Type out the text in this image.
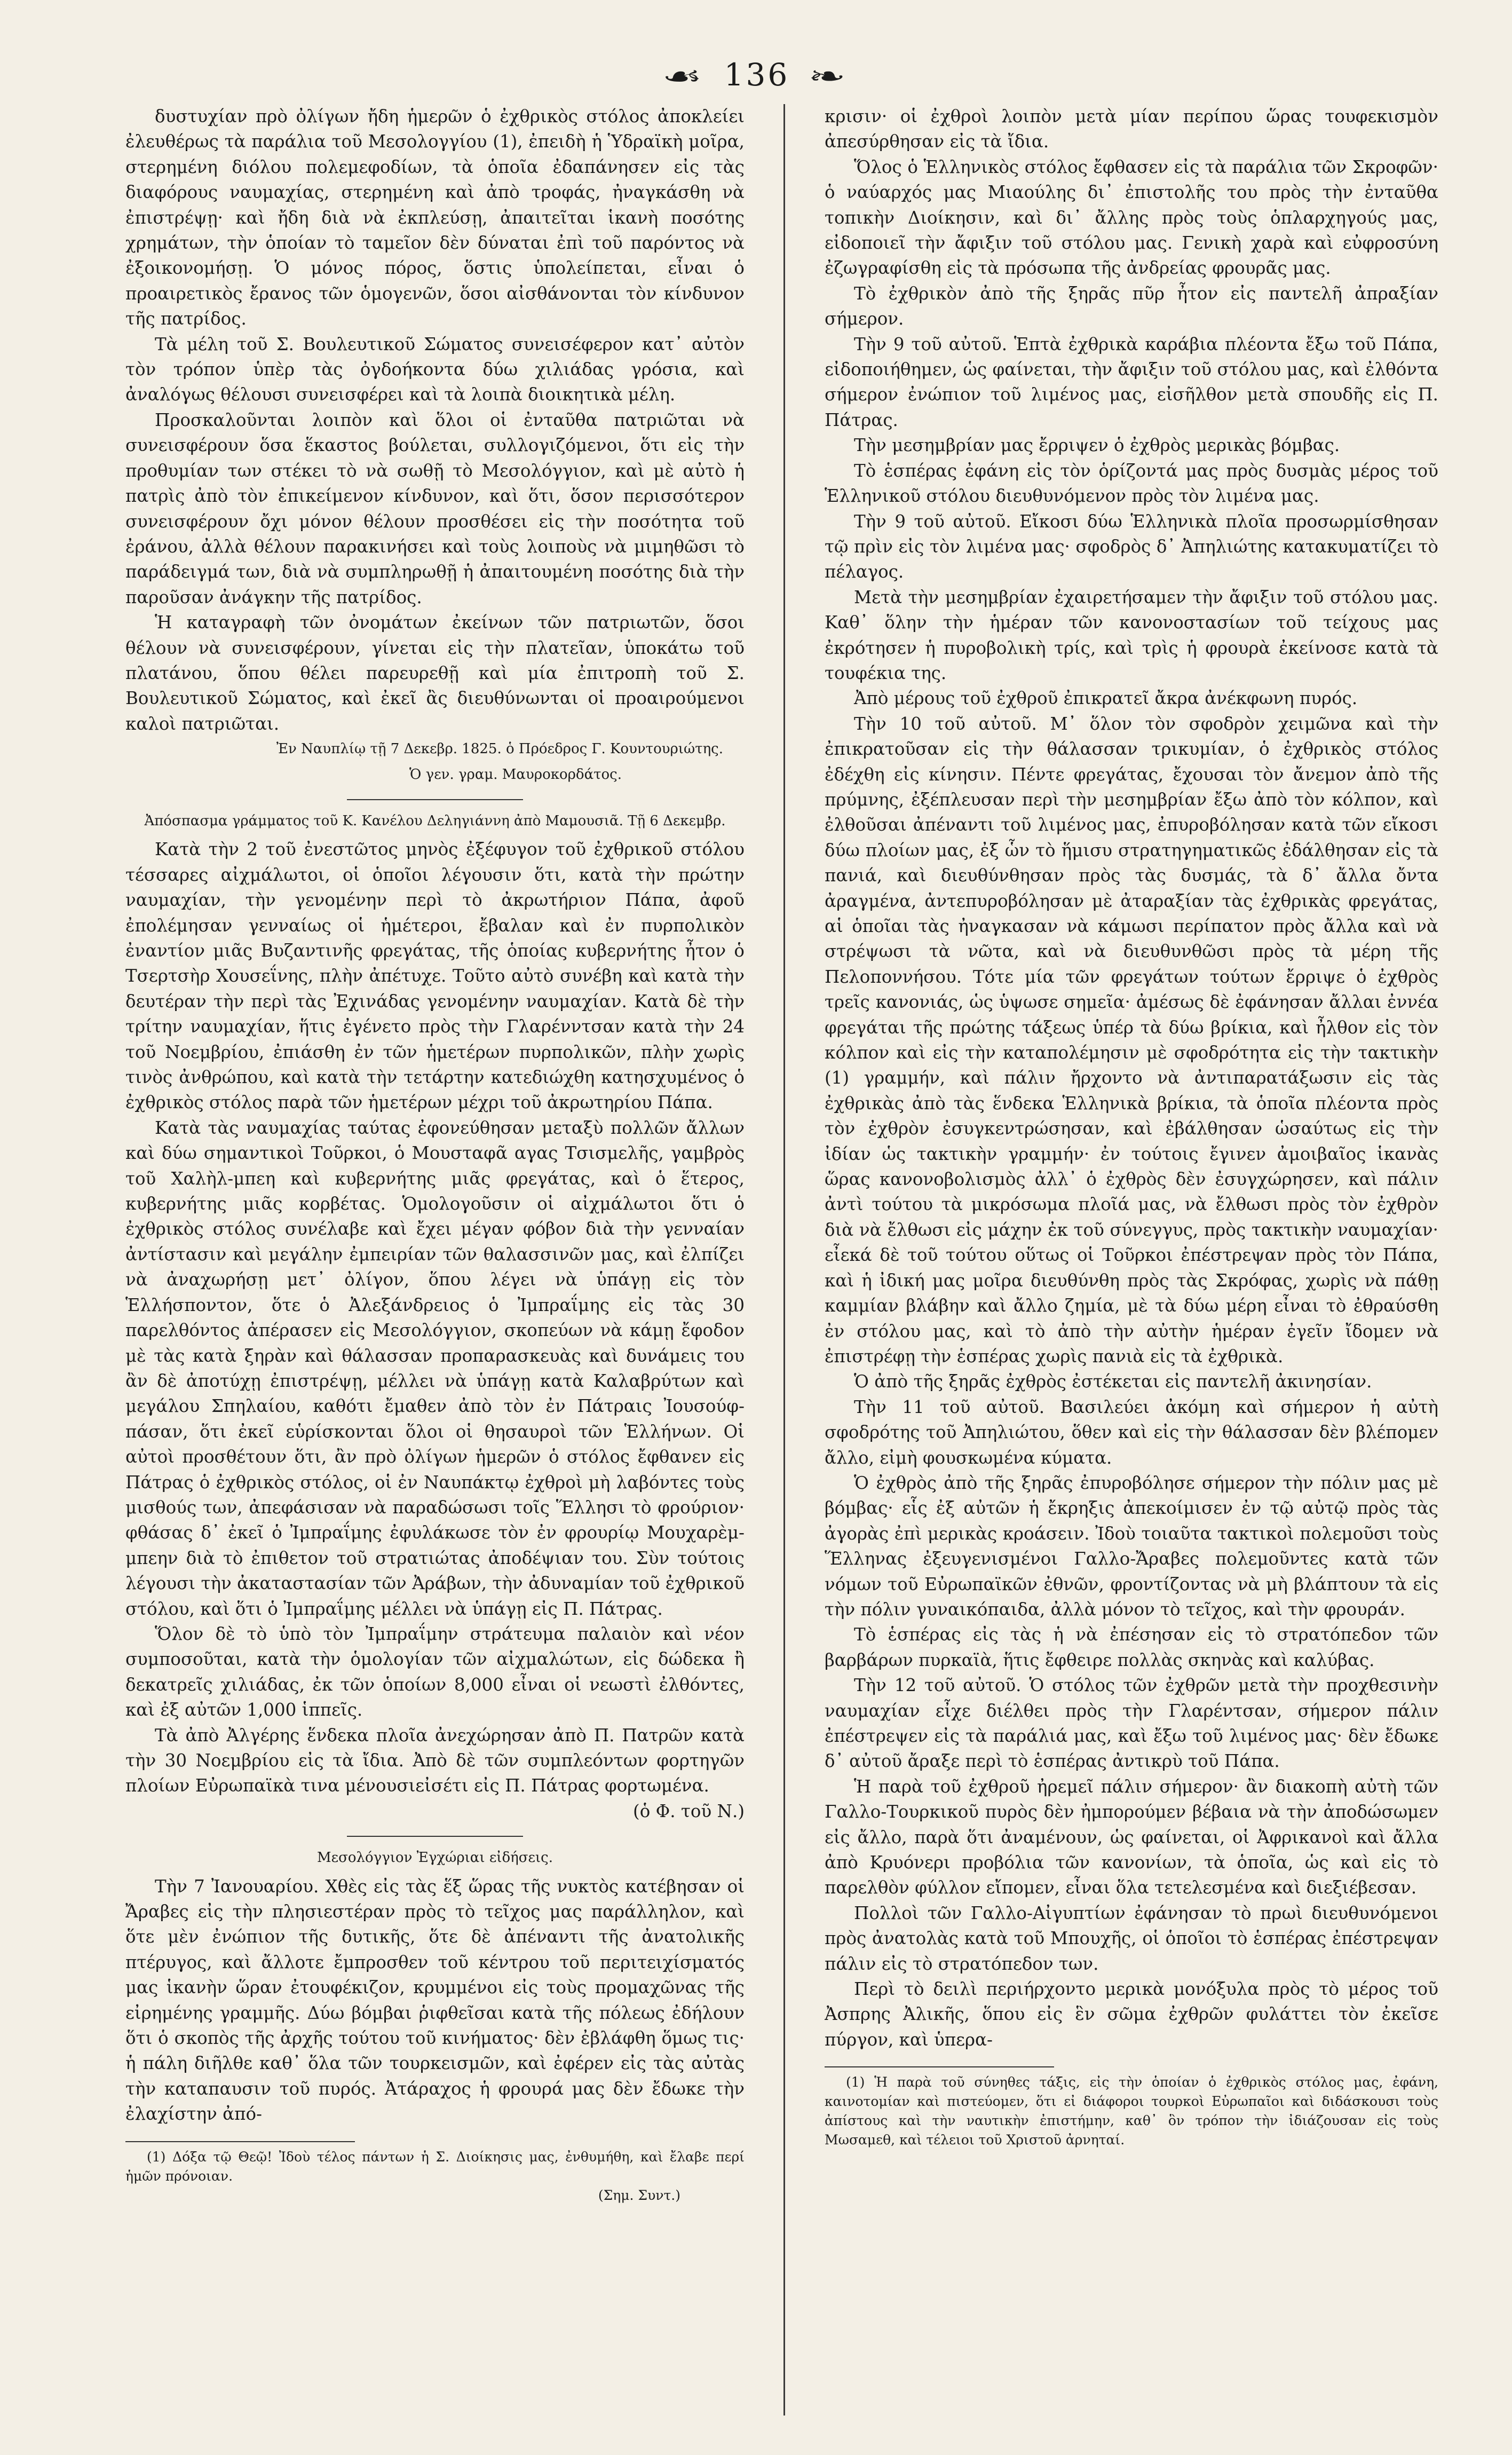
☙ 136 ❧

δυστυχίαν πρὸ ὀλίγων ἤδη ἡμερῶν ὁ ἐχθρικὸς στόλος ἀποκλείει ἐλευθέρως τὰ παράλια τοῦ Μεσολογγίου (1), ἐπειδὴ ἡ Ὑδραϊκὴ μοῖρα, στερημένη διόλου πολεμεφοδίων, τὰ ὁποῖα ἐδαπάνησεν εἰς τὰς διαφόρους ναυμαχίας, στερημένη καὶ ἀπὸ τροφάς, ἠναγκάσθη νὰ ἐπιστρέψῃ· καὶ ἤδη διὰ νὰ ἐκπλεύσῃ, ἀπαιτεῖται ἱκανὴ ποσότης χρημάτων, τὴν ὁποίαν τὸ ταμεῖον δὲν δύναται ἐπὶ τοῦ παρόντος νὰ ἐξοικονομήσῃ. Ὁ μόνος πόρος, ὅστις ὑπολείπεται, εἶναι ὁ προαιρετικὸς ἔρανος τῶν ὁμογενῶν, ὅσοι αἰσθάνονται τὸν κίνδυνον τῆς πατρίδος.

Τὰ μέλη τοῦ Σ. Βουλευτικοῦ Σώματος συνεισέφερον κατ᾽ αὐτὸν τὸν τρόπον ὑπὲρ τὰς ὀγδοήκοντα δύω χιλιάδας γρόσια, καὶ ἀναλόγως θέλουσι συνεισφέρει καὶ τὰ λοιπὰ διοικητικὰ μέλη.

Προσκαλοῦνται λοιπὸν καὶ ὅλοι οἱ ἐνταῦθα πατριῶται νὰ συνεισφέρουν ὅσα ἕκαστος βούλεται, συλλογιζόμενοι, ὅτι εἰς τὴν προθυμίαν των στέκει τὸ νὰ σωθῇ τὸ Μεσολόγγιον, καὶ μὲ αὐτὸ ἡ πατρὶς ἀπὸ τὸν ἐπικείμενον κίνδυνον, καὶ ὅτι, ὅσον περισσότερον συνεισφέρουν ὄχι μόνον θέλουν προσθέσει εἰς τὴν ποσότητα τοῦ ἐράνου, ἀλλὰ θέλουν παρακινήσει καὶ τοὺς λοιποὺς νὰ μιμηθῶσι τὸ παράδειγμά των, διὰ νὰ συμπληρωθῇ ἡ ἀπαιτουμένη ποσότης διὰ τὴν παροῦσαν ἀνάγκην τῆς πατρίδος.

Ἡ καταγραφὴ τῶν ὀνομάτων ἐκείνων τῶν πατριωτῶν, ὅσοι θέλουν νὰ συνεισφέρουν, γίνεται εἰς τὴν πλατεῖαν, ὑποκάτω τοῦ πλατάνου, ὅπου θέλει παρευρεθῇ καὶ μία ἐπιτροπὴ τοῦ Σ. Βουλευτικοῦ Σώματος, καὶ ἐκεῖ ἂς διευθύνωνται οἱ προαιρούμενοι καλοὶ πατριῶται.

Ἐν Ναυπλίῳ τῇ 7 Δεκεβρ. 1825. ὁ Πρόεδρος Γ. Κουντουριώτης.

Ὁ γεν. γραμ. Μαυροκορδάτος.

Ἀπόσπασμα γράμματος τοῦ Κ. Κανέλου Δεληγιάννη ἀπὸ Μαμουσιᾶ. Τῇ 6 Δεκεμβρ.

Κατὰ τὴν 2 τοῦ ἐνεστῶτος μηνὸς ἐξέφυγον τοῦ ἐχθρικοῦ στόλου τέσσαρες αἰχμάλωτοι, οἱ ὁποῖοι λέγουσιν ὅτι, κατὰ τὴν πρώτην ναυμαχίαν, τὴν γενομένην περὶ τὸ ἀκρωτήριον Πάπα, ἀφοῦ ἐπολέμησαν γενναίως οἱ ἡμέτεροι, ἔβαλαν καὶ ἐν πυρπολικὸν ἐναντίον μιᾶς Βυζαντινῆς φρεγάτας, τῆς ὁποίας κυβερνήτης ἦτον ὁ Τσερτσὴρ Χουσεΐνης, πλὴν ἀπέτυχε. Τοῦτο αὐτὸ συνέβη καὶ κατὰ τὴν δευτέραν τὴν περὶ τὰς Ἐχινάδας γενομένην ναυμαχίαν. Κατὰ δὲ τὴν τρίτην ναυμαχίαν, ἥτις ἐγένετο πρὸς τὴν Γλαρένντσαν κατὰ τὴν 24 τοῦ Νοεμβρίου, ἐπιάσθη ἐν τῶν ἡμετέρων πυρπολικῶν, πλὴν χωρὶς τινὸς ἀνθρώπου, καὶ κατὰ τὴν τετάρτην κατεδιώχθη κατησχυμένος ὁ ἐχθρικὸς στόλος παρὰ τῶν ἡμετέρων μέχρι τοῦ ἀκρωτηρίου Πάπα.

Κατὰ τὰς ναυμαχίας ταύτας ἐφονεύθησαν μεταξὺ πολλῶν ἄλλων καὶ δύω σημαντικοὶ Τοῦρκοι, ὁ Μουσταφᾶ αγας Τσισμελῆς, γαμβρὸς τοῦ Χαλὴλ-μπεη καὶ κυβερνήτης μιᾶς φρεγάτας, καὶ ὁ ἕτερος, κυβερνήτης μιᾶς κορβέτας. Ὁμολογοῦσιν οἱ αἰχμάλωτοι ὅτι ὁ ἐχθρικὸς στόλος συνέλαβε καὶ ἔχει μέγαν φόβον διὰ τὴν γενναίαν ἀντίστασιν καὶ μεγάλην ἐμπειρίαν τῶν θαλασσινῶν μας, καὶ ἐλπίζει νὰ ἀναχωρήσῃ μετ᾽ ὀλίγον, ὅπου λέγει νὰ ὑπάγῃ εἰς τὸν Ἑλλήσποντον, ὅτε ὁ Ἀλεξάνδρειος ὁ Ἰμπραΐμης εἰς τὰς 30 παρελθόντος ἀπέρασεν εἰς Μεσολόγγιον, σκοπεύων νὰ κάμῃ ἔφοδον μὲ τὰς κατὰ ξηρὰν καὶ θάλασσαν προπαρασκευὰς καὶ δυνάμεις του ἂν δὲ ἀποτύχῃ ἐπιστρέψῃ, μέλλει νὰ ὑπάγῃ κατὰ Καλαβρύτων καὶ μεγάλου Σπηλαίου, καθότι ἔμαθεν ἀπὸ τὸν ἐν Πάτραις Ἰουσούφ-πάσαν, ὅτι ἐκεῖ εὑρίσκονται ὅλοι οἱ θησαυροὶ τῶν Ἑλλήνων. Οἱ αὐτοὶ προσθέτουν ὅτι, ἂν πρὸ ὀλίγων ἡμερῶν ὁ στόλος ἔφθανεν εἰς Πάτρας ὁ ἐχθρικὸς στόλος, οἱ ἐν Ναυπάκτῳ ἐχθροὶ μὴ λαβόντες τοὺς μισθούς των, ἀπεφάσισαν νὰ παραδώσωσι τοῖς Ἕλλησι τὸ φρούριον· φθάσας δ᾽ ἐκεῖ ὁ Ἰμπραΐμης ἐφυλάκωσε τὸν ἐν φρουρίῳ Μουχαρὲμ-μπεην διὰ τὸ ἐπιθετον τοῦ στρατιώτας ἀποδέψιαν του. Σὺν τούτοις λέγουσι τὴν ἀκαταστασίαν τῶν Ἀράβων, τὴν ἀδυναμίαν τοῦ ἐχθρικοῦ στόλου, καὶ ὅτι ὁ Ἰμπραΐμης μέλλει νὰ ὑπάγῃ εἰς Π. Πάτρας.

Ὅλον δὲ τὸ ὑπὸ τὸν Ἰμπραΐμην στράτευμα παλαιὸν καὶ νέον συμποσοῦται, κατὰ τὴν ὁμολογίαν τῶν αἰχμαλώτων, εἰς δώδεκα ἢ δεκατρεῖς χιλιάδας, ἐκ τῶν ὁποίων 8,000 εἶναι οἱ νεωστὶ ἐλθόντες, καὶ ἐξ αὐτῶν 1,000 ἱππεῖς.

Τὰ ἀπὸ Ἀλγέρης ἕνδεκα πλοῖα ἀνεχώρησαν ἀπὸ Π. Πατρῶν κατὰ τὴν 30 Νοεμβρίου εἰς τὰ ἴδια. Ἀπὸ δὲ τῶν συμπλεόντων φορτηγῶν πλοίων Εὐρωπαϊκὰ τινα μένουσιεἰσέτι εἰς Π. Πάτρας φορτωμένα.

(ὁ Φ. τοῦ Ν.)

Μεσολόγγιον Ἐγχώριαι εἰδήσεις.

Τὴν 7 Ἰανουαρίου. Χθὲς εἰς τὰς ἕξ ὥρας τῆς νυκτὸς κατέβησαν οἱ Ἄραβες εἰς τὴν πλησιεστέραν πρὸς τὸ τεῖχος μας παράλληλον, καὶ ὅτε μὲν ἐνώπιον τῆς δυτικῆς, ὅτε δὲ ἀπέναντι τῆς ἀνατολικῆς πτέρυγος, καὶ ἄλλοτε ἔμπροσθεν τοῦ κέντρου τοῦ περιτειχίσματός μας ἱκανὴν ὥραν ἐτουφέκιζον, κρυμμένοι εἰς τοὺς προμαχῶνας τῆς εἰρημένης γραμμῆς. Δύω βόμβαι ῥιφθεῖσαι κατὰ τῆς πόλεως ἐδήλουν ὅτι ὁ σκοπὸς τῆς ἀρχῆς τούτου τοῦ κινήματος· δὲν ἐβλάφθη ὅμως τις· ἡ πάλη διῆλθε καθ᾽ ὅλα τῶν τουρκεισμῶν, καὶ ἐφέρεν εἰς τὰς αὐτὰς τὴν καταπαυσιν τοῦ πυρός. Ἀτάραχος ἡ φρουρά μας δὲν ἔδωκε τὴν ἐλαχίστην ἀπό-

(1) Δόξα τῷ Θεῷ! Ἰδοὺ τέλος πάντων ἡ Σ. Διοίκησις μας, ἐνθυμήθη, καὶ ἔλαβε περί ἡμῶν πρόνοιαν.

(Σημ. Συντ.)

κρισιν· οἱ ἐχθροὶ λοιπὸν μετὰ μίαν περίπου ὥρας τουφεκισμὸν ἀπεσύρθησαν εἰς τὰ ἴδια.

Ὅλος ὁ Ἑλληνικὸς στόλος ἔφθασεν εἰς τὰ παράλια τῶν Σκροφῶν· ὁ ναύαρχός μας Μιαούλης δι᾽ ἐπιστολῆς του πρὸς τὴν ἐνταῦθα τοπικὴν Διοίκησιν, καὶ δι᾽ ἄλλης πρὸς τοὺς ὁπλαρχηγούς μας, εἰδοποιεῖ τὴν ἄφιξιν τοῦ στόλου μας. Γενικὴ χαρὰ καὶ εὐφροσύνη ἐζωγραφίσθη εἰς τὰ πρόσωπα τῆς ἀνδρείας φρουρᾶς μας.

Τὸ ἐχθρικὸν ἀπὸ τῆς ξηρᾶς πῦρ ἦτον εἰς παντελῆ ἀπραξίαν σήμερον.

Τὴν 9 τοῦ αὐτοῦ. Ἑπτὰ ἐχθρικὰ καράβια πλέοντα ἔξω τοῦ Πάπα, εἰδοποιήθημεν, ὡς φαίνεται, τὴν ἄφιξιν τοῦ στόλου μας, καὶ ἐλθόντα σήμερον ἐνώπιον τοῦ λιμένος μας, εἰσῆλθον μετὰ σπουδῆς εἰς Π. Πάτρας.

Τὴν μεσημβρίαν μας ἔρριψεν ὁ ἐχθρὸς μερικὰς βόμβας.

Τὸ ἑσπέρας ἐφάνη εἰς τὸν ὁρίζοντά μας πρὸς δυσμὰς μέρος τοῦ Ἑλληνικοῦ στόλου διευθυνόμενον πρὸς τὸν λιμένα μας.

Τὴν 9 τοῦ αὐτοῦ. Εἴκοσι δύω Ἑλληνικὰ πλοῖα προσωρμίσθησαν τῷ πρὶν εἰς τὸν λιμένα μας· σφοδρὸς δ᾽ Ἀπηλιώτης κατακυματίζει τὸ πέλαγος.

Μετὰ τὴν μεσημβρίαν ἐχαιρετήσαμεν τὴν ἄφιξιν τοῦ στόλου μας. Καθ᾽ ὅλην τὴν ἡμέραν τῶν κανονοστασίων τοῦ τείχους μας ἐκρότησεν ἡ πυροβολικὴ τρίς, καὶ τρὶς ἡ φρουρὰ ἐκείνοσε κατὰ τὰ τουφέκια της.

Ἀπὸ μέρους τοῦ ἐχθροῦ ἐπικρατεῖ ἄκρα ἀνέκφωνη πυρός.

Τὴν 10 τοῦ αὐτοῦ. Μ᾽ ὅλον τὸν σφοδρὸν χειμῶνα καὶ τὴν ἐπικρατοῦσαν εἰς τὴν θάλασσαν τρικυμίαν, ὁ ἐχθρικὸς στόλος ἐδέχθη εἰς κίνησιν. Πέντε φρεγάτας, ἔχουσαι τὸν ἄνεμον ἀπὸ τῆς πρύμνης, ἐξέπλευσαν περὶ τὴν μεσημβρίαν ἔξω ἀπὸ τὸν κόλπον, καὶ ἐλθοῦσαι ἀπέναντι τοῦ λιμένος μας, ἐπυροβόλησαν κατὰ τῶν εἴκοσι δύω πλοίων μας, ἐξ ὧν τὸ ἥμισυ στρατηγηματικῶς ἐδάλθησαν εἰς τὰ πανιά, καὶ διευθύνθησαν πρὸς τὰς δυσμάς, τὰ δ᾽ ἄλλα ὄντα ἀραγμένα, ἀντεπυροβόλησαν μὲ ἀταραξίαν τὰς ἐχθρικὰς φρεγάτας, αἱ ὁποῖαι τὰς ἠναγκασαν νὰ κάμωσι περίπατον πρὸς ἄλλα καὶ νὰ στρέψωσι τὰ νῶτα, καὶ νὰ διευθυνθῶσι πρὸς τὰ μέρη τῆς Πελοποννήσου. Τότε μία τῶν φρεγάτων τούτων ἔρριψε ὁ ἐχθρὸς τρεῖς κανονιάς, ὡς ὑψωσε σημεῖα· ἀμέσως δὲ ἐφάνησαν ἄλλαι ἐννέα φρεγάται τῆς πρώτης τάξεως ὑπέρ τὰ δύω βρίκια, καὶ ἦλθον εἰς τὸν κόλπον καὶ εἰς τὴν καταπολέμησιν μὲ σφοδρότητα εἰς τὴν τακτικὴν (1) γραμμήν, καὶ πάλιν ἤρχοντο νὰ ἀντιπαρατάξωσιν εἰς τὰς ἐχθρικὰς ἀπὸ τὰς ἕνδεκα Ἑλληνικὰ βρίκια, τὰ ὁποῖα πλέοντα πρὸς τὸν ἐχθρὸν ἐσυγκεντρώσησαν, καὶ ἐβάλθησαν ὡσαύτως εἰς τὴν ἰδίαν ὡς τακτικὴν γραμμήν· ἐν τούτοις ἔγινεν ἀμοιβαῖος ἱκανὰς ὥρας κανονοβολισμὸς ἀλλ᾽ ὁ ἐχθρὸς δὲν ἐσυγχώρησεν, καὶ πάλιν ἀντὶ τούτου τὰ μικρόσωμα πλοῖά μας, νὰ ἔλθωσι πρὸς τὸν ἐχθρὸν διὰ νὰ ἔλθωσι εἰς μάχην ἐκ τοῦ σύνεγγυς, πρὸς τακτικὴν ναυμαχίαν· εἶεκά δὲ τοῦ τούτου οὕτως οἱ Τοῦρκοι ἐπέστρεψαν πρὸς τὸν Πάπα, καὶ ἡ ἰδική μας μοῖρα διευθύνθη πρὸς τὰς Σκρόφας, χωρὶς νὰ πάθῃ καμμίαν βλάβην καὶ ἄλλο ζημία, μὲ τὰ δύω μέρη εἶναι τὸ ἐθραύσθη ἐν στόλου μας, καὶ τὸ ἀπὸ τὴν αὐτὴν ἡμέραν ἐγεῖν ἴδομεν νὰ ἐπιστρέφῃ τὴν ἑσπέρας χωρὶς πανιὰ εἰς τὰ ἐχθρικὰ.

Ὁ ἀπὸ τῆς ξηρᾶς ἐχθρὸς ἐστέκεται εἰς παντελῆ ἀκινησίαν.

Τὴν 11 τοῦ αὐτοῦ. Βασιλεύει ἀκόμη καὶ σήμερον ἡ αὐτὴ σφοδρότης τοῦ Ἀπηλιώτου, ὅθεν καὶ εἰς τὴν θάλασσαν δὲν βλέπομεν ἄλλο, εἰμὴ φουσκωμένα κύματα.

Ὁ ἐχθρὸς ἀπὸ τῆς ξηρᾶς ἐπυροβόλησε σήμερον τὴν πόλιν μας μὲ βόμβας· εἷς ἐξ αὐτῶν ἡ ἔκρηξις ἀπεκοίμισεν ἐν τῷ αὐτῷ πρὸς τὰς ἀγορὰς ἐπὶ μερικὰς κροάσειν. Ἰδοὺ τοιαῦτα τακτικοὶ πολεμοῦσι τοὺς Ἕλληνας ἐξευγενισμένοι Γαλλο-Ἄραβες πολεμοῦντες κατὰ τῶν νόμων τοῦ Εὐρωπαϊκῶν ἐθνῶν, φροντίζοντας νὰ μὴ βλάπτουν τὰ εἰς τὴν πόλιν γυναικόπαιδα, ἀλλὰ μόνον τὸ τεῖχος, καὶ τὴν φρουράν.

Τὸ ἑσπέρας εἰς τὰς ἡ νὰ ἐπέσησαν εἰς τὸ στρατόπεδον τῶν βαρβάρων πυρκαϊὰ, ἥτις ἔφθειρε πολλὰς σκηνὰς καὶ καλύβας.

Τὴν 12 τοῦ αὐτοῦ. Ὁ στόλος τῶν ἐχθρῶν μετὰ τὴν προχθεσινὴν ναυμαχίαν εἶχε διέλθει πρὸς τὴν Γλαρέντσαν, σήμερον πάλιν ἐπέστρεψεν εἰς τὰ παράλιά μας, καὶ ἔξω τοῦ λιμένος μας· δὲν ἔδωκε δ᾽ αὐτοῦ ἄραξε περὶ τὸ ἑσπέρας ἀντικρὺ τοῦ Πάπα.

Ἡ παρὰ τοῦ ἐχθροῦ ἠρεμεῖ πάλιν σήμερον· ἂν διακοπὴ αὐτὴ τῶν Γαλλο-Τουρκικοῦ πυρὸς δὲν ἠμπορούμεν βέβαια νὰ τὴν ἀποδώσωμεν εἰς ἄλλο, παρὰ ὅτι ἀναμένουν, ὡς φαίνεται, οἱ Ἀφρικανοὶ καὶ ἄλλα ἀπὸ Κρυόνερι προβόλια τῶν κανονίων, τὰ ὁποῖα, ὡς καὶ εἰς τὸ παρελθὸν φύλλον εἴπομεν, εἶναι ὅλα τετελεσμένα καὶ διεξιέβεσαν.

Πολλοὶ τῶν Γαλλο-Αἰγυπτίων ἐφάνησαν τὸ πρωὶ διευθυνόμενοι πρὸς ἀνατολὰς κατὰ τοῦ Μπουχῆς, οἱ ὁποῖοι τὸ ἑσπέρας ἐπέστρεψαν πάλιν εἰς τὸ στρατόπεδον των.

Περὶ τὸ δειλὶ περιήρχοντο μερικὰ μονόξυλα πρὸς τὸ μέρος τοῦ Ἀσπρης Ἀλικῆς, ὅπου εἰς ἓν σῶμα ἐχθρῶν φυλάττει τὸν ἐκεῖσε πύργον, καὶ ὑπερα-

(1) Ἡ παρὰ τοῦ σύνηθες τάξις, εἰς τὴν ὁποίαν ὁ ἐχθρικὸς στόλος μας, ἐφάνη, καινοτομίαν καὶ πιστεύομεν, ὅτι εἰ διάφοροι τουρκοὶ Εὐρωπαῖοι καὶ διδάσκουσι τοὺς ἀπίστους καὶ τὴν ναυτικὴν ἐπιστήμην, καθ᾽ ὃν τρόπον τὴν ἰδιάζουσαν εἰς τοὺς Μωσαμεθ, καὶ τέλειοι τοῦ Χριστοῦ ἀρνηταί.
